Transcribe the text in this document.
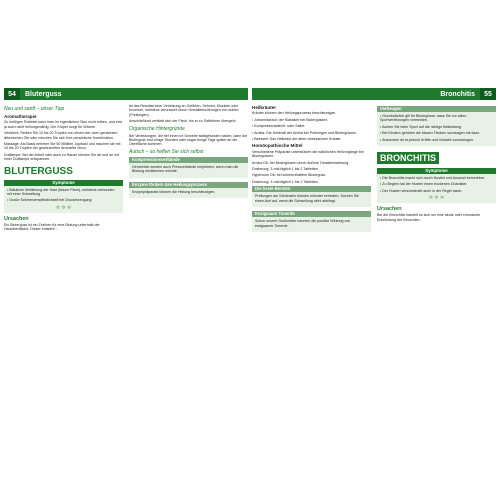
54	Bluterguss
Neu und sanft – unser Tipp
Aromatherapie

Zu heißigen Rubbeln kann man im eigentlichen Sinn nicht reiben, und erst ja auch nicht heilungsmäßig. Der Körper sorgt für Wärme.

Verdünnt: Reiben Sie 10 bis 20 Tropfen von einem der oben genannten ätherischen Öle oder mischen Sie sich Ihre persönliche Kombination.

Massage: Als Basis nehmen Sie 50 Milliliter Jojobaöl und mischen sie mit 10 bis 20 Tropfen der gewünschten Aromaöle hinzu.

Duftlampe: Bei der Arbeit oder auch zu Hause können Sie ab und an mit einer Duftlampe entspannen.

BLUTERGUSS
Symptome

• Bläuliche Verfärbung der Haut (blauer Fleck), meistens verbunden mit einer Schwellung

• Große Schmerzempfindlichkeit bei Druckerzeugung

✲ ✲ ✲
Ursachen

Ein Bluterguss ist ein Zeichen für eine Blutung unterhalb der Hautoberfläche. Dieser entsteht ...

ist das Resultat einer Verletzung an Gefäßen. Sehnen, Muskeln oder Knochen, meistens verursacht durch Gewalteinwirkungen von außen (Prellungen).

Anschließend verfärbt sich der Fleck, bis er zu Gelbtönen übergeht.

Organische Hintergründe

Bei Verletzungen, die tief innen im Gewebe stattgefunden haben, kann der Bluterguss erst einige Stunden oder sogar einige Tage später an die Oberfläche kommen.

Autsch – so helfen Sie sich selbst
Kompressionsverbände

Gemeinhin werden auch Pressverbände empfohlen, wenn man die Blutung eindämmen möchte.

Enzyme fördern den Heilungsprozess

Enzympräparate können die Heilung beschleunigen.

Bronchitis	55
Heilkräuter

Kräuter können den Heilungsprozess beschleunigen.

• Johanniskraut: der Klassiker bei Blutergüssen.

• Kompressenantinöl: oder Salbe.

• Arnika: Die Heilkraft der Arnika bei Prellungen und Blutergüssen.

• Beinwell: Das Heilkraut der alten chinesischen Kräuter.

Homöopathische Mittel

Verschiedene Präparate unterstützen die natürlichen Heilvorgänge bei Blutergüssen.

Arnica D6: bei Blutergüssen durch äußere Gewalteinwirkung.

Dosierung: 3-mal täglich 1 bis 2 Tabletten.

Hypericum D6: bei schmerzhaftem Bluterguss.

Dosierung: 3-mal täglich 1 bis 2 Tabletten.

Die beste Beraten

Prellungen am Schönsten können mitunter verletzen. Suchen Sie einen Arzt auf, wenn die Schwellung nicht abklingt.

Essigsaure Tonerde

Schon unsere Großmütter kannten die positive Wirkung von essigsaurer Tonerde.

Vorbeugen

• Grundsätzlich gilt für Blutergüsse: dass Sie vor allem Sportverletzungen vermeiden.

• Achten Sie beim Sport auf die richtige Bekleidung.

• Bei Kindern gehören die blauen Flecken sozusagen mit dazu.

• Ansonsten ist es jedoch Kräfte und Vorsicht vorzubeugen.

BRONCHITIS
Symptome

• Die Bronchitis macht sich durch Husten und Auswurf bemerkbar.

• Zu Beginn hat der Husten einen trockenen Charakter.

• Der Husten verschwindet auch in der Regel rasch.

✲ ✲ ✲
Ursachen

Bei der Bronchitis handelt es sich um eine akute oder chronische Entzündung der Bronchien.
